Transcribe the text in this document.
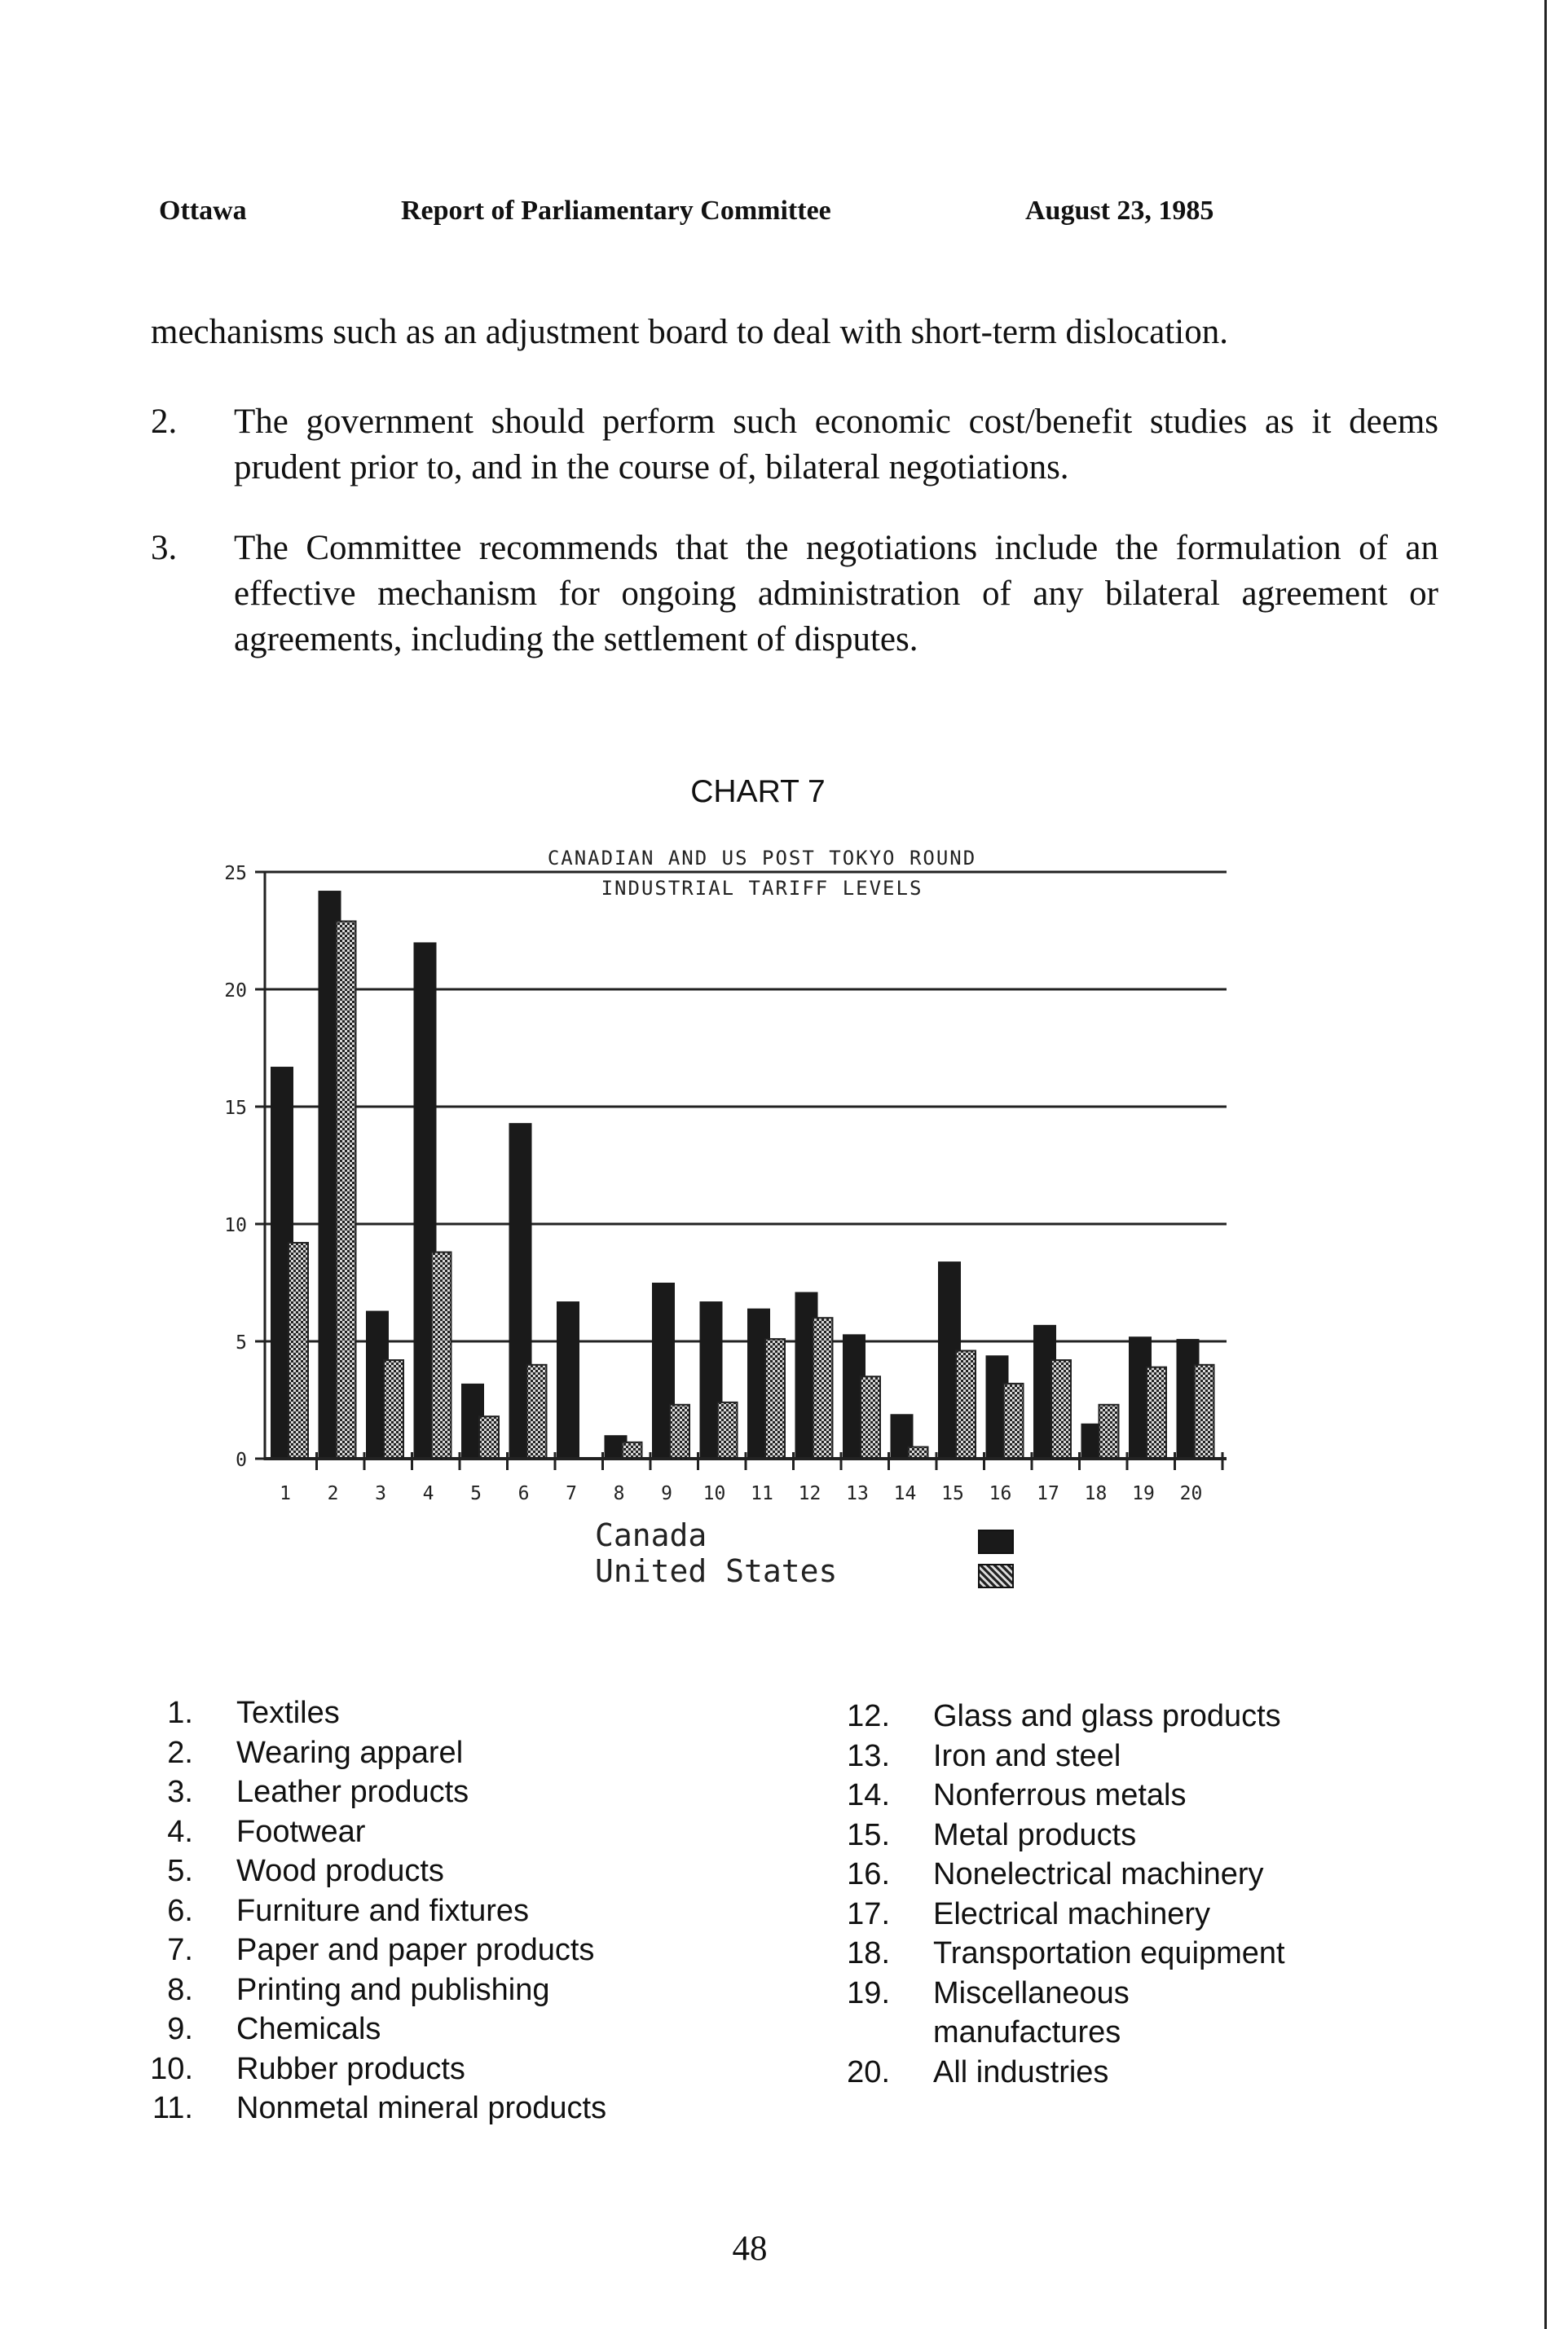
Ottawa	Report of Parliamentary Committee	August 23, 1985
mechanisms such as an adjustment board to deal with short-term dislocation.
2. The government should perform such economic cost/benefit studies as it deems prudent prior to, and in the course of, bilateral negotiations.
3. The Committee recommends that the negotiations include the formulation of an effective mechanism for ongoing administration of any bilateral agreement or agreements, including the settlement of disputes.
CHART 7
CANADIAN AND US POST TOKYO ROUND
INDUSTRIAL TARIFF LEVELS
0
5
10
15
20
25
1 2 3 4 5 6 7 8 9 10 11 12 13 14 15 16 17 18 19 20
Canada
United States
1. Textiles
2. Wearing apparel
3. Leather products
4. Footwear
5. Wood products
6. Furniture and fixtures
7. Paper and paper products
8. Printing and publishing
9. Chemicals
10. Rubber products
11. Nonmetal mineral products
12. Glass and glass products
13. Iron and steel
14. Nonferrous metals
15. Metal products
16. Nonelectrical machinery
17. Electrical machinery
18. Transportation equipment
19. Miscellaneous manufactures
20. All industries
48
